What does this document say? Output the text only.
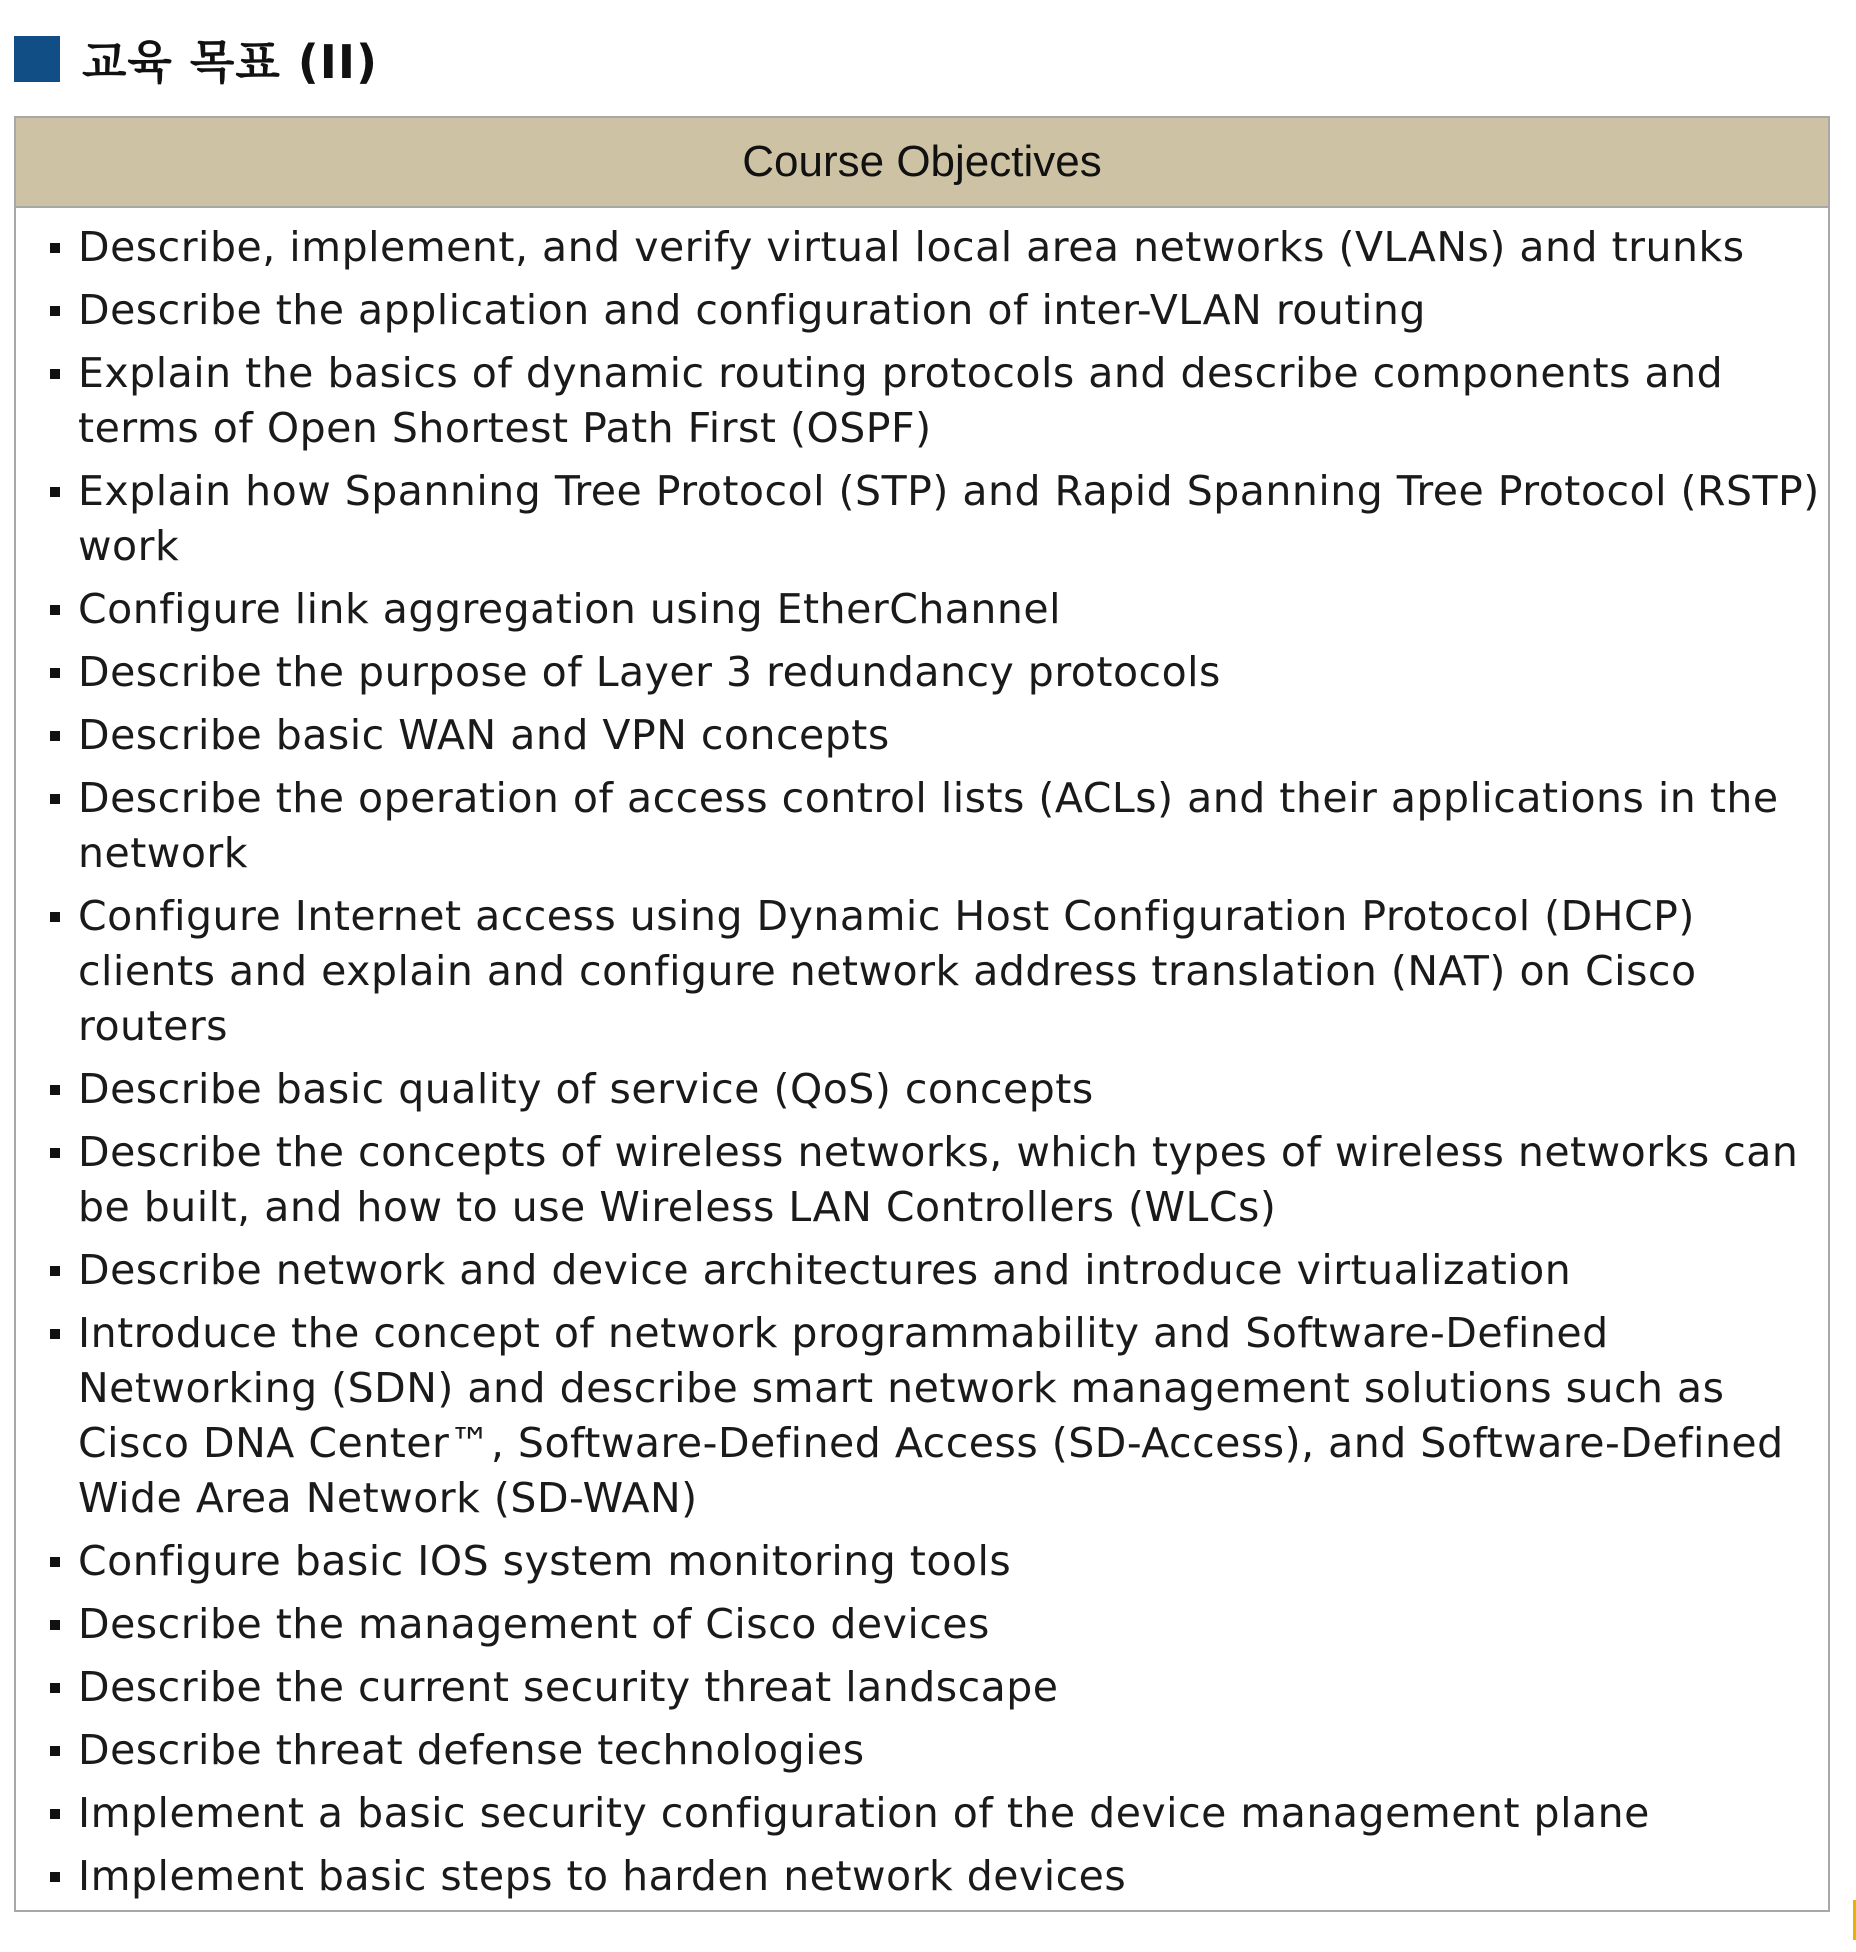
교육 목표 (II)
Course Objectives
Describe, implement, and verify virtual local area networks (VLANs) and trunks
Describe the application and configuration of inter-VLAN routing
Explain the basics of dynamic routing protocols and describe components and terms of Open Shortest Path First (OSPF)
Explain how Spanning Tree Protocol (STP) and Rapid Spanning Tree Protocol (RSTP) work
Configure link aggregation using EtherChannel
Describe the purpose of Layer 3 redundancy protocols
Describe basic WAN and VPN concepts
Describe the operation of access control lists (ACLs) and their applications in the network
Configure Internet access using Dynamic Host Configuration Protocol (DHCP) clients and explain and configure network address translation (NAT) on Cisco routers
Describe basic quality of service (QoS) concepts
Describe the concepts of wireless networks, which types of wireless networks can be built, and how to use Wireless LAN Controllers (WLCs)
Describe network and device architectures and introduce virtualization
Introduce the concept of network programmability and Software-Defined Networking (SDN) and describe smart network management solutions such as Cisco DNA Center™, Software-Defined Access (SD-Access), and Software-Defined Wide Area Network (SD-WAN)
Configure basic IOS system monitoring tools
Describe the management of Cisco devices
Describe the current security threat landscape
Describe threat defense technologies
Implement a basic security configuration of the device management plane
Implement basic steps to harden network devices
